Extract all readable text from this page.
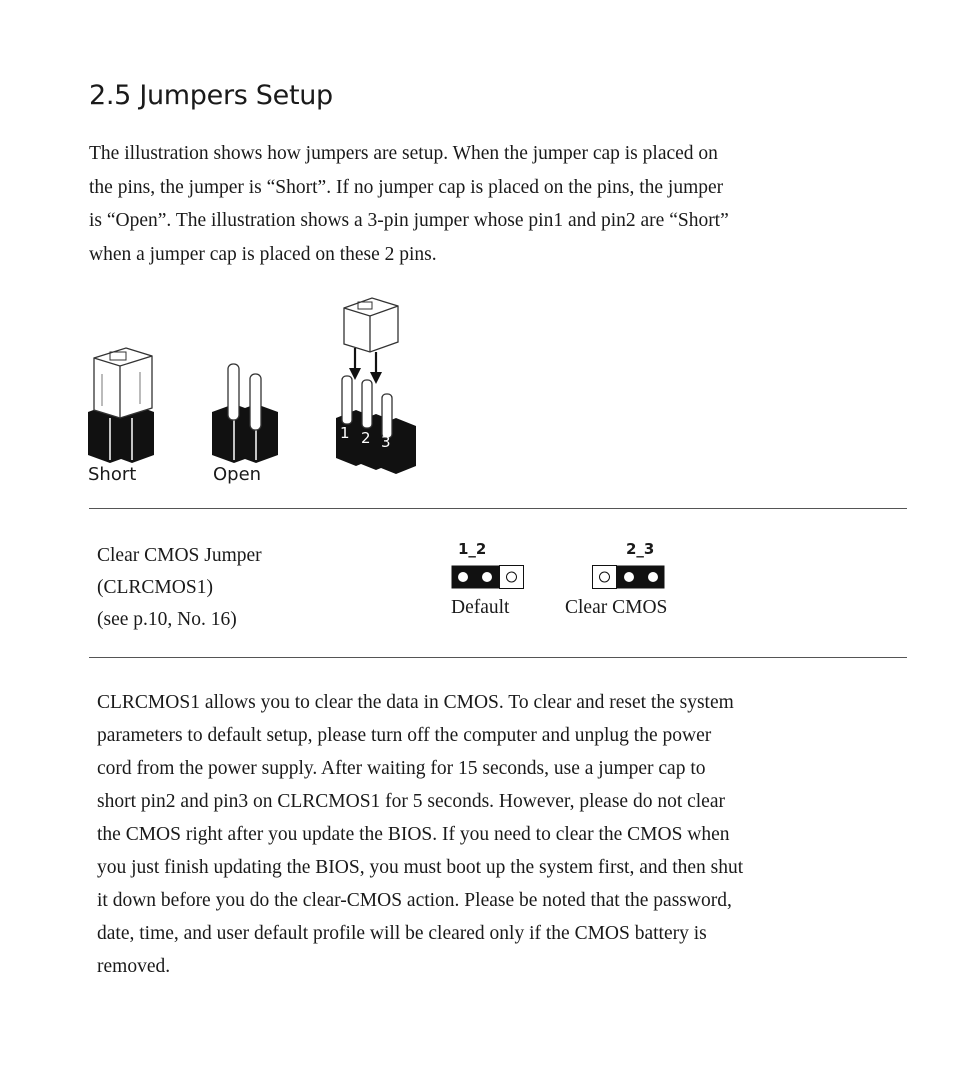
2.5 Jumpers Setup
The illustration shows how jumpers are setup. When the jumper cap is placed on
the pins, the jumper is “Short”. If no jumper cap is placed on the pins, the jumper
is “Open”. The illustration shows a 3-pin jumper whose pin1 and pin2 are “Short”
when a jumper cap is placed on these 2 pins.
1 2 3
Short	Open
Clear CMOS Jumper
(CLRCMOS1)
(see p.10, No. 16)
1_2
Default
2_3
Clear CMOS
CLRCMOS1 allows you to clear the data in CMOS. To clear and reset the system
parameters to default setup, please turn off the computer and unplug the power
cord from the power supply. After waiting for 15 seconds, use a jumper cap to
short pin2 and pin3 on CLRCMOS1 for 5 seconds. However, please do not clear
the CMOS right after you update the BIOS. If you need to clear the CMOS when
you just finish updating the BIOS, you must boot up the system first, and then shut
it down before you do the clear-CMOS action. Please be noted that the password,
date, time, and user default profile will be cleared only if the CMOS battery is
removed.
